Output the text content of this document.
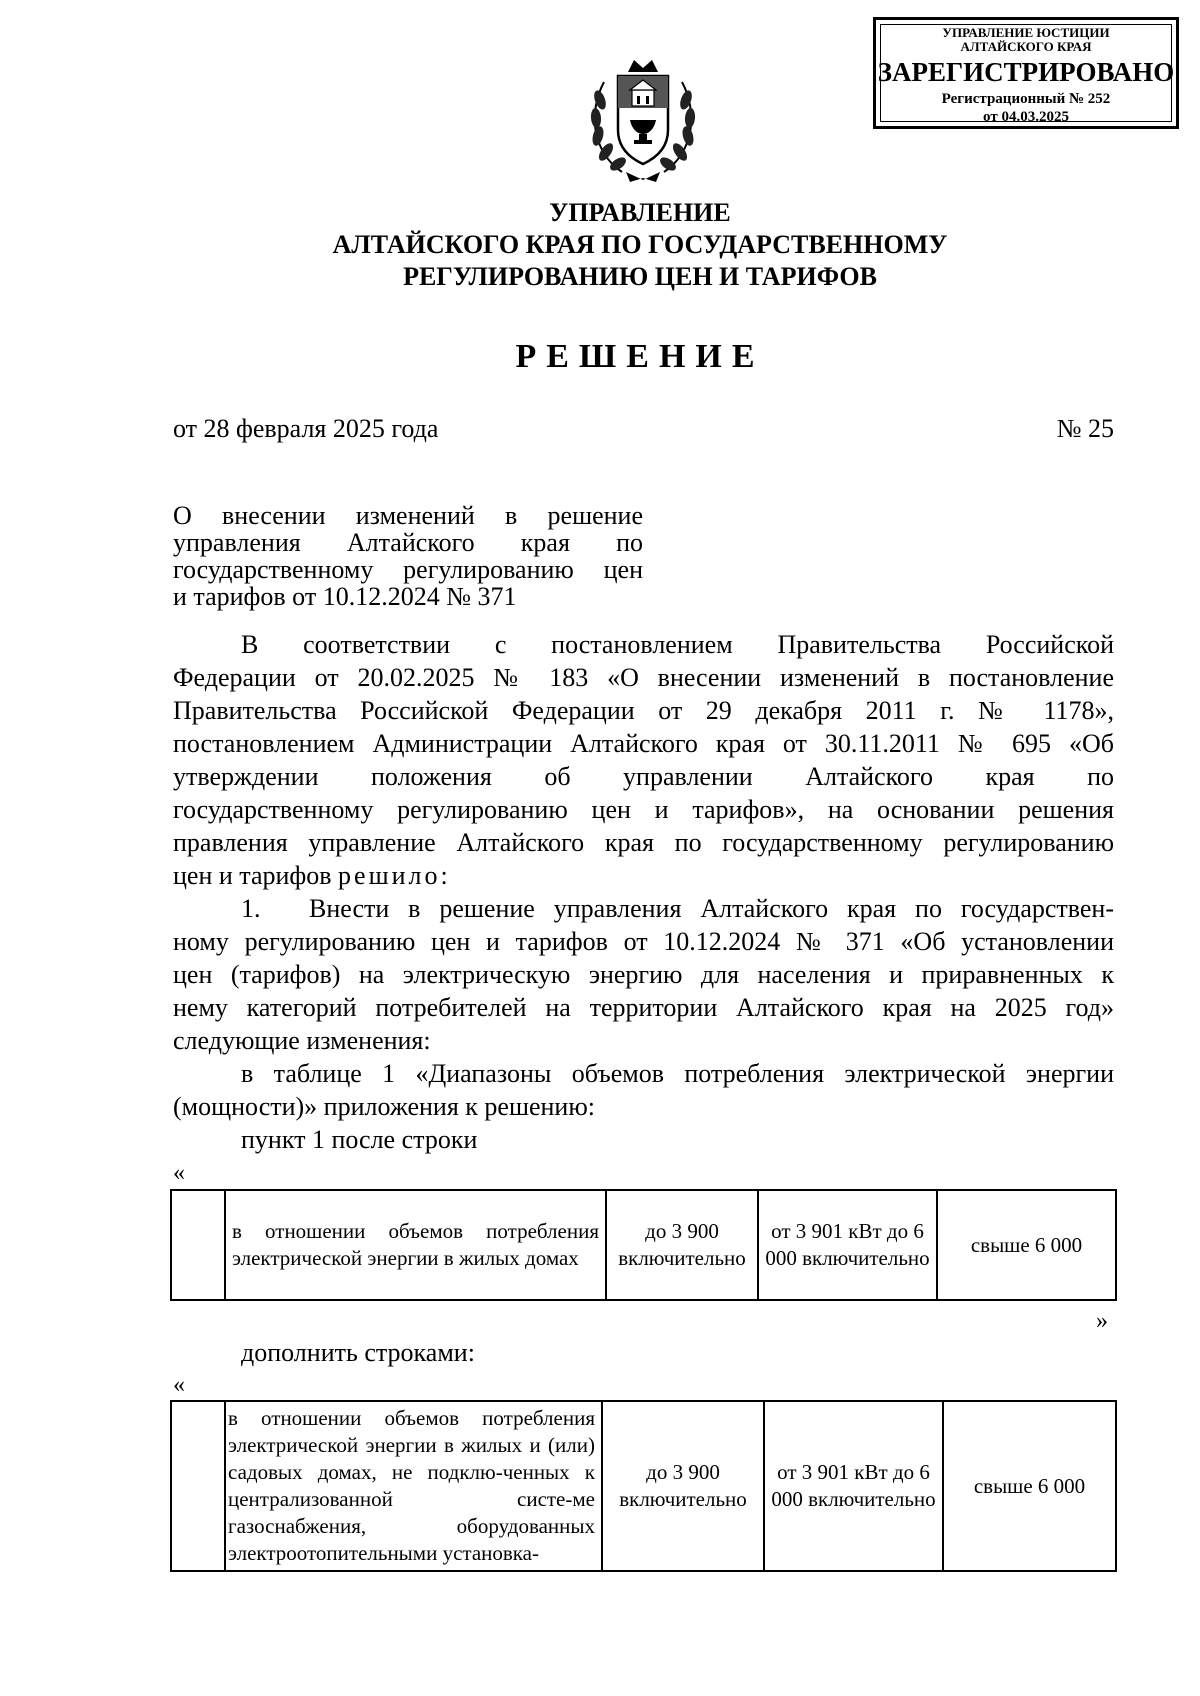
УПРАВЛЕНИЕ ЮСТИЦИИ
АЛТАЙСКОГО КРАЯ
ЗАРЕГИСТРИРОВАНО
Регистрационный № 252
от 04.03.2025
УПРАВЛЕНИЕ
АЛТАЙСКОГО КРАЯ ПО ГОСУДАРСТВЕННОМУ
РЕГУЛИРОВАНИЮ ЦЕН И ТАРИФОВ
РЕШЕНИЕ
от 28 февраля 2025 года	№ 25
О внесении изменений в решение
управления Алтайского края по
государственному регулированию цен
и тарифов от 10.12.2024 № 371
В соответствии с постановлением Правительства Российской
Федерации от 20.02.2025 № 183 «О внесении изменений в постановление
Правительства Российской Федерации от 29 декабря 2011 г. № 1178»,
постановлением Администрации Алтайского края от 30.11.2011 № 695 «Об
утверждении положения об управлении Алтайского края по
государственному регулированию цен и тарифов», на основании решения
правления управление Алтайского края по государственному регулированию
цен и тарифов решило:
1. Внести в решение управления Алтайского края по государствен-
ному регулированию цен и тарифов от 10.12.2024 № 371 «Об установлении
цен (тарифов) на электрическую энергию для населения и приравненных к
нему категорий потребителей на территории Алтайского края на 2025 год»
следующие изменения:
в таблице 1 «Диапазоны объемов потребления электрической энергии
(мощности)» приложения к решению:
пункт 1 после строки
«
	в отношении объемов потребления электрической энергии в жилых домах	до 3 900 включительно	от 3 901 кВт до 6 000 включительно	свыше 6 000
»
дополнить строками:
«
	в отношении объемов потребления электрической энергии в жилых и (или) садовых домах, не подклю-ченных к централизованной систе-ме газоснабжения, оборудованных электроотопительными установка-	до 3 900 включительно	от 3 901 кВт до 6 000 включительно	свыше 6 000
